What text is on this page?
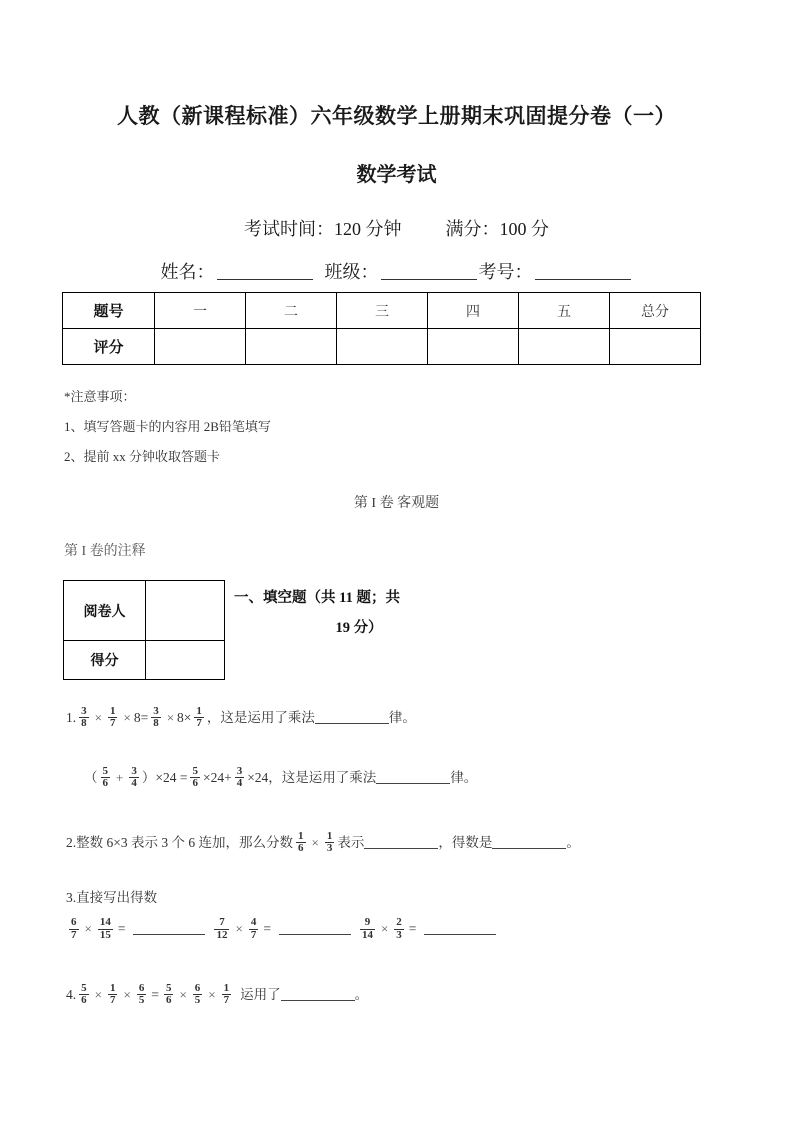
人教（新课程标准）六年级数学上册期末巩固提分卷（一）
数学考试
考试时间：120 分钟 满分：100 分
姓名：	班级：	考号：
题号	一	二	三	四	五	总分
评分						
*注意事项：
1、填写答题卡的内容用 2B铅笔填写
2、提前 xx 分钟收取答题卡
第 I 卷 客观题
第 I 卷的注释
阅卷人	
得分	
一、填空题（共 11 题；共
19 分）
1. $\frac{3}{8} \times \frac{1}{7} \times 8= \frac{3}{8} \times 8\times \frac{1}{7}$ ，这是运用了乘法	律。
（ $\frac{5}{6} + \frac{3}{4} )\times 24 = \frac{5}{6} \times 24+ \frac{3}{4} \times 24$，这是运用了乘法	律。
2.整数 6×3 表示 3 个 6 连加，那么分数 $\frac{1}{6} \times \frac{1}{3}$ 表示	，得数是	。
3.直接写出得数
$\frac{6}{7} \times \frac{14}{15}$ =	$\frac{7}{12} \times \frac{4}{7}$ =	$\frac{9}{14} \times \frac{2}{3}$ =
4. $\frac{5}{6} \times \frac{1}{7} \times \frac{6}{5} = \frac{5}{6} \times \frac{6}{5} \times \frac{1}{7}$ 运用了	。
